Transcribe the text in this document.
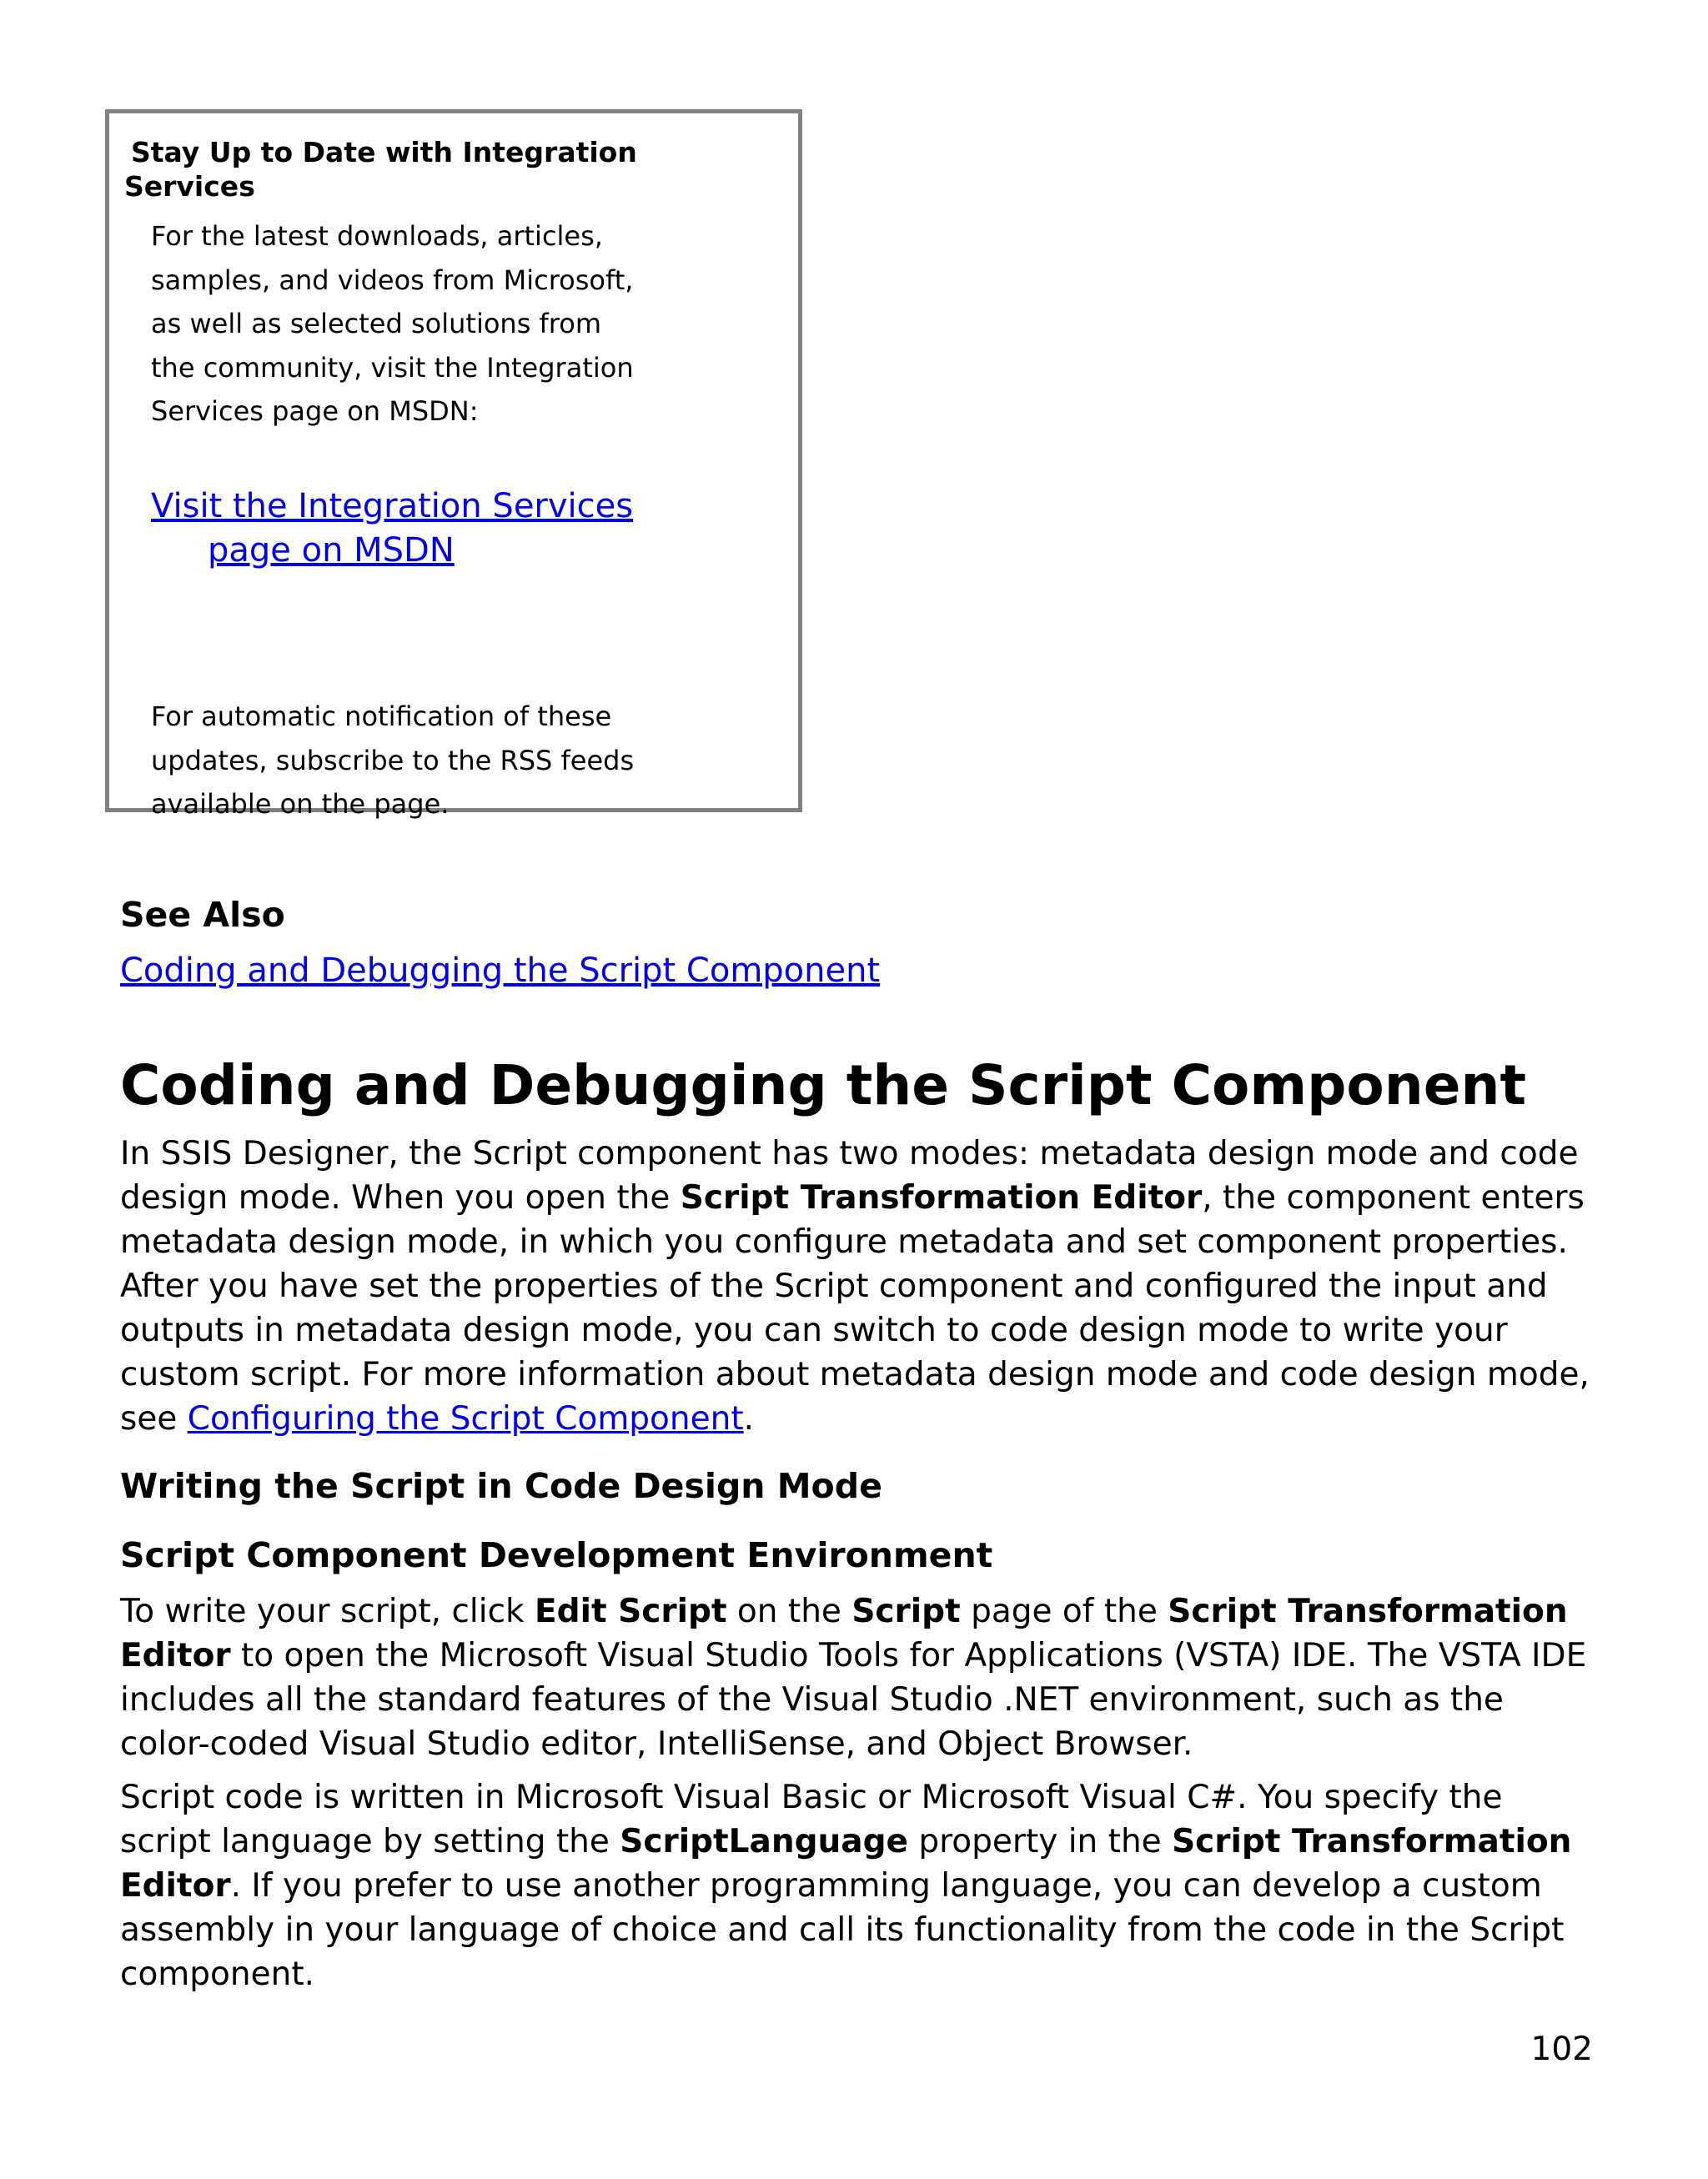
Stay Up to Date with Integration Services

For the latest downloads, articles, samples, and videos from Microsoft, as well as selected solutions from the community, visit the Integration Services page on MSDN:

Visit the Integration Services page on MSDN

For automatic notification of these updates, subscribe to the RSS feeds available on the page.

See Also

Coding and Debugging the Script Component

Coding and Debugging the Script Component

In SSIS Designer, the Script component has two modes: metadata design mode and code design mode. When you open the Script Transformation Editor, the component enters metadata design mode, in which you configure metadata and set component properties. After you have set the properties of the Script component and configured the input and outputs in metadata design mode, you can switch to code design mode to write your custom script. For more information about metadata design mode and code design mode, see Configuring the Script Component.

Writing the Script in Code Design Mode
Script Component Development Environment

To write your script, click Edit Script on the Script page of the Script Transformation Editor to open the Microsoft Visual Studio Tools for Applications (VSTA) IDE. The VSTA IDE includes all the standard features of the Visual Studio .NET environment, such as the color-coded Visual Studio editor, IntelliSense, and Object Browser.

Script code is written in Microsoft Visual Basic or Microsoft Visual C#. You specify the script language by setting the ScriptLanguage property in the Script Transformation Editor. If you prefer to use another programming language, you can develop a custom assembly in your language of choice and call its functionality from the code in the Script component.

102
